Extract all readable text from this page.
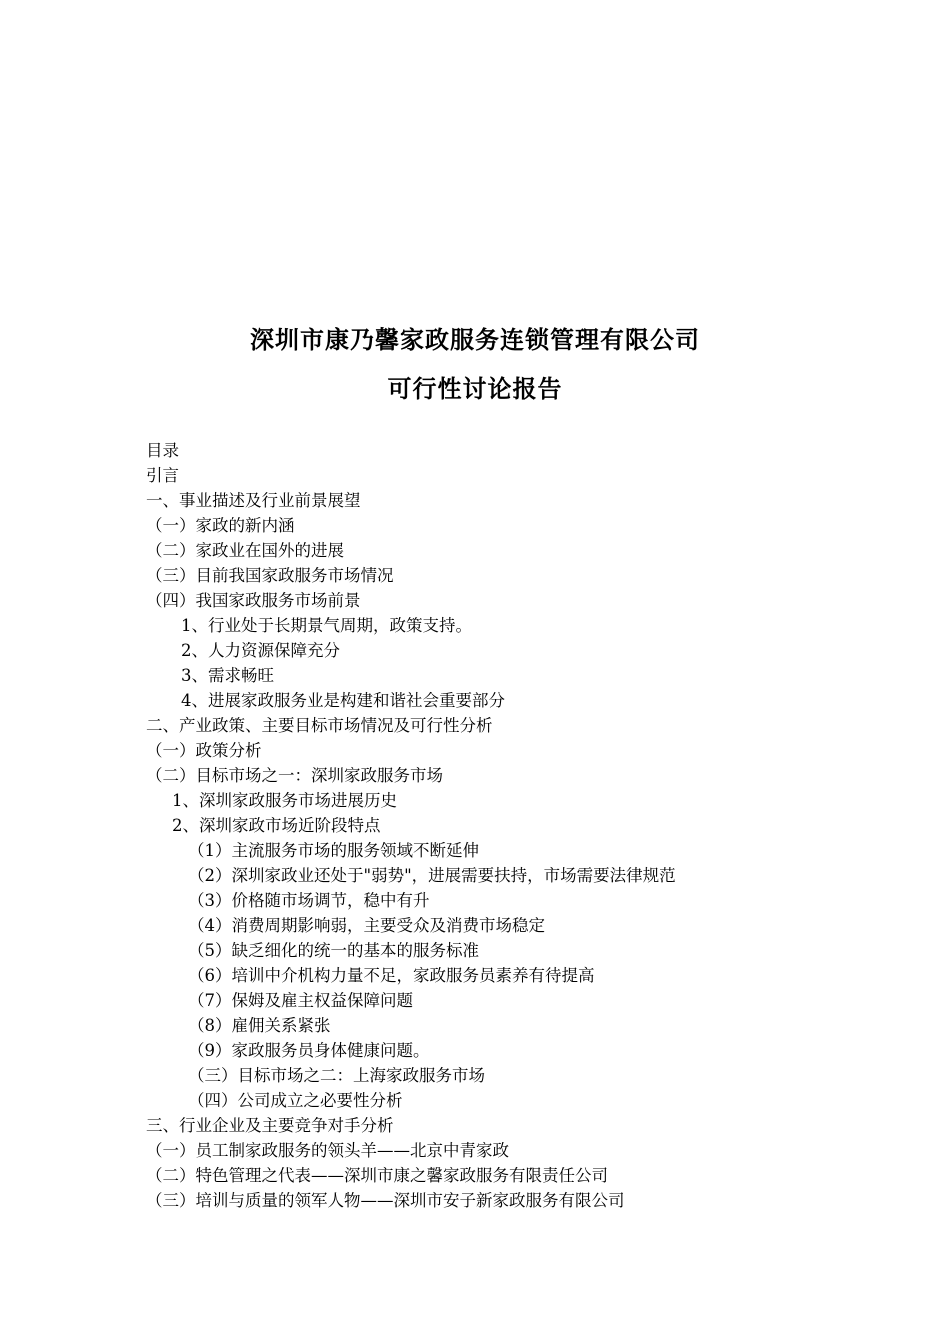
深圳市康乃馨家政服务连锁管理有限公司
可行性讨论报告
目录
引言
一、事业描述及行业前景展望
（一）家政的新内涵
（二）家政业在国外的进展
（三）目前我国家政服务市场情况
（四）我国家政服务市场前景
1、行业处于长期景气周期，政策支持。
2、人力资源保障充分
3、需求畅旺
4、进展家政服务业是构建和谐社会重要部分
二、产业政策、主要目标市场情况及可行性分析
（一）政策分析
（二）目标市场之一：深圳家政服务市场
1、深圳家政服务市场进展历史
2、深圳家政市场近阶段特点
（1）主流服务市场的服务领域不断延伸
（2）深圳家政业还处于"弱势"，进展需要扶持，市场需要法律规范
（3）价格随市场调节，稳中有升
（4）消费周期影响弱，主要受众及消费市场稳定
（5）缺乏细化的统一的基本的服务标准
（6）培训中介机构力量不足，家政服务员素养有待提高
（7）保姆及雇主权益保障问题
（8）雇佣关系紧张
（9）家政服务员身体健康问题。
（三）目标市场之二：上海家政服务市场
（四）公司成立之必要性分析
三、行业企业及主要竞争对手分析
（一）员工制家政服务的领头羊——北京中青家政
（二）特色管理之代表——深圳市康之馨家政服务有限责任公司
（三）培训与质量的领军人物——深圳市安子新家政服务有限公司
